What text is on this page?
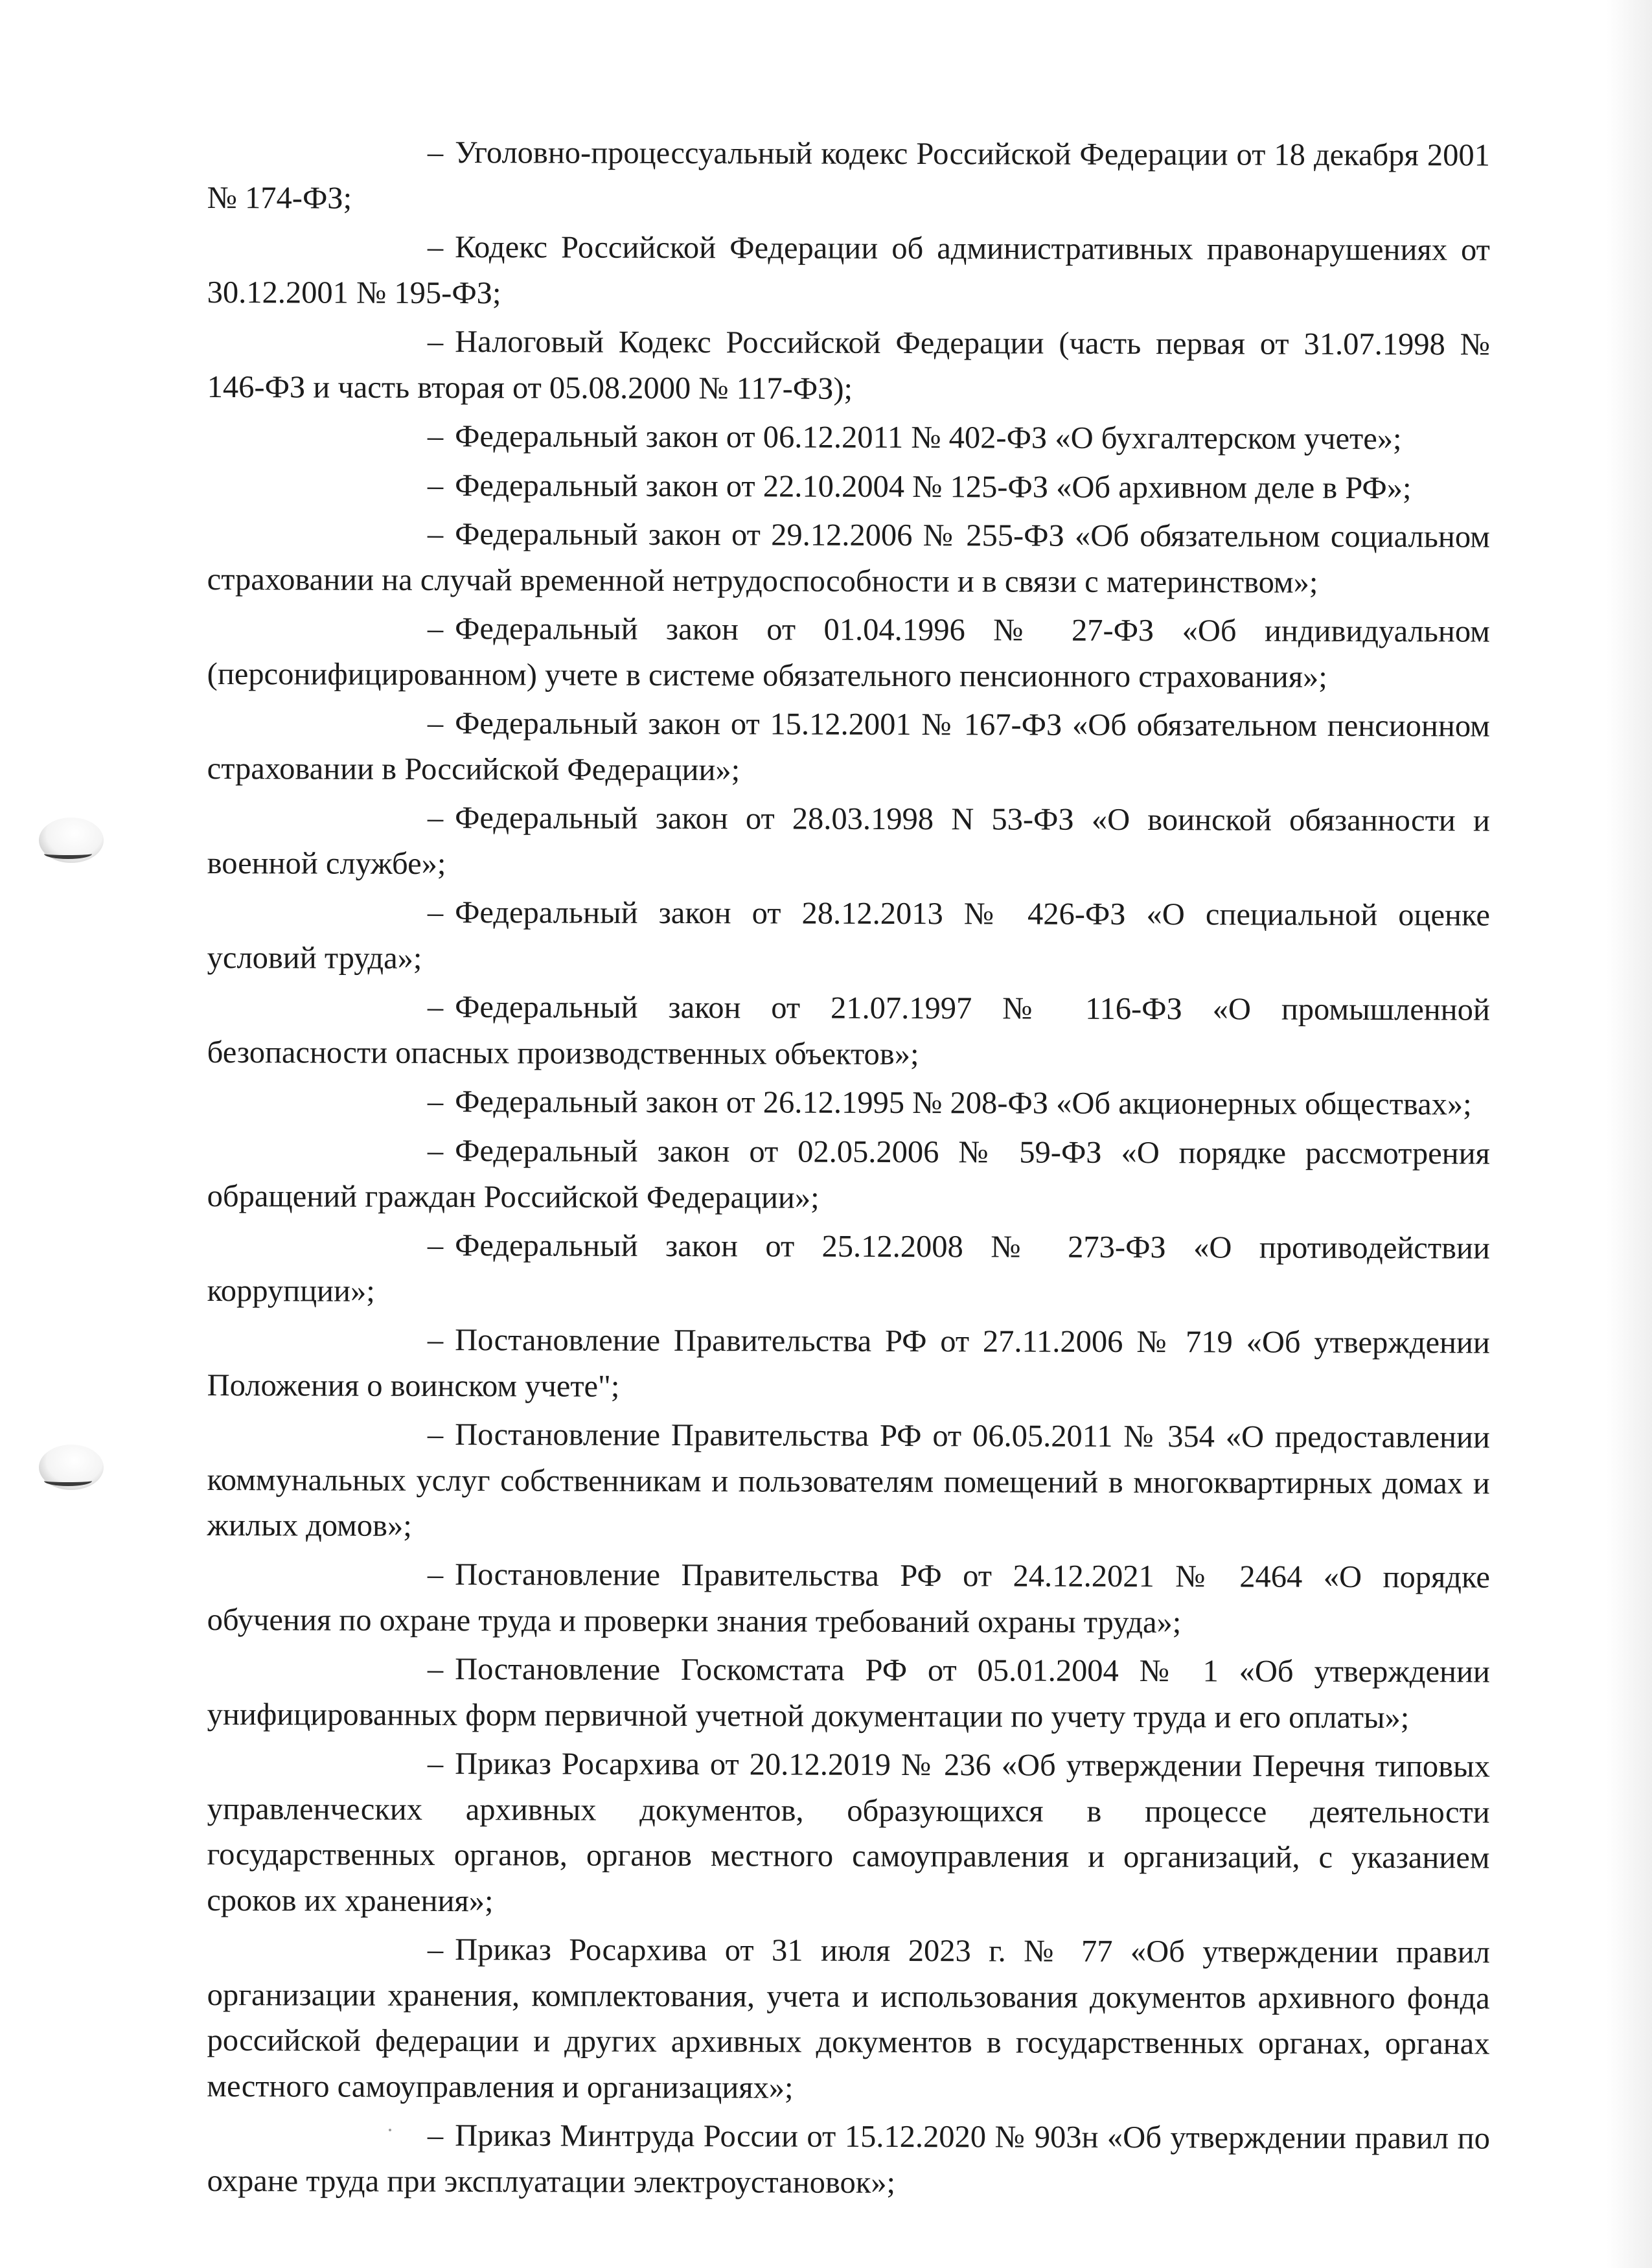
– Уголовно-процессуальный кодекс Российской Федерации от 18 декабря 2001 № 174-ФЗ;
– Кодекс Российской Федерации об административных правонарушениях от 30.12.2001 № 195-ФЗ;
– Налоговый Кодекс Российской Федерации (часть первая от 31.07.1998 № 146-ФЗ и часть вторая от 05.08.2000 № 117-ФЗ);
– Федеральный закон от 06.12.2011 № 402-ФЗ «О бухгалтерском учете»;
– Федеральный закон от 22.10.2004 № 125-ФЗ «Об архивном деле в РФ»;
– Федеральный закон от 29.12.2006 № 255-ФЗ «Об обязательном социальном страховании на случай временной нетрудоспособности и в связи с материнством»;
– Федеральный закон от 01.04.1996 № 27-ФЗ «Об индивидуальном (персонифицированном) учете в системе обязательного пенсионного страхования»;
– Федеральный закон от 15.12.2001 № 167-ФЗ «Об обязательном пенсионном страховании в Российской Федерации»;
– Федеральный закон от 28.03.1998 N 53-ФЗ «О воинской обязанности и военной службе»;
– Федеральный закон от 28.12.2013 № 426-ФЗ «О специальной оценке условий труда»;
– Федеральный закон от 21.07.1997 № 116-ФЗ «О промышленной безопасности опасных производственных объектов»;
– Федеральный закон от 26.12.1995 № 208-ФЗ «Об акционерных обществах»;
– Федеральный закон от 02.05.2006 № 59-ФЗ «О порядке рассмотрения обращений граждан Российской Федерации»;
– Федеральный закон от 25.12.2008 № 273-ФЗ «О противодействии коррупции»;
– Постановление Правительства РФ от 27.11.2006 № 719 «Об утверждении Положения о воинском учете";
– Постановление Правительства РФ от 06.05.2011 № 354 «О предоставлении коммунальных услуг собственникам и пользователям помещений в многоквартирных домах и жилых домов»;
– Постановление Правительства РФ от 24.12.2021 № 2464 «О порядке обучения по охране труда и проверки знания требований охраны труда»;
– Постановление Госкомстата РФ от 05.01.2004 № 1 «Об утверждении унифицированных форм первичной учетной документации по учету труда и его оплаты»;
– Приказ Росархива от 20.12.2019 № 236 «Об утверждении Перечня типовых управленческих архивных документов, образующихся в процессе деятельности государственных органов, органов местного самоуправления и организаций, с указанием сроков их хранения»;
– Приказ Росархива от 31 июля 2023 г. № 77 «Об утверждении правил организации хранения, комплектования, учета и использования документов архивного фонда российской федерации и других архивных документов в государственных органах, органах местного самоуправления и организациях»;
– Приказ Минтруда России от 15.12.2020 № 903н «Об утверждении правил по охране труда при эксплуатации электроустановок»;
